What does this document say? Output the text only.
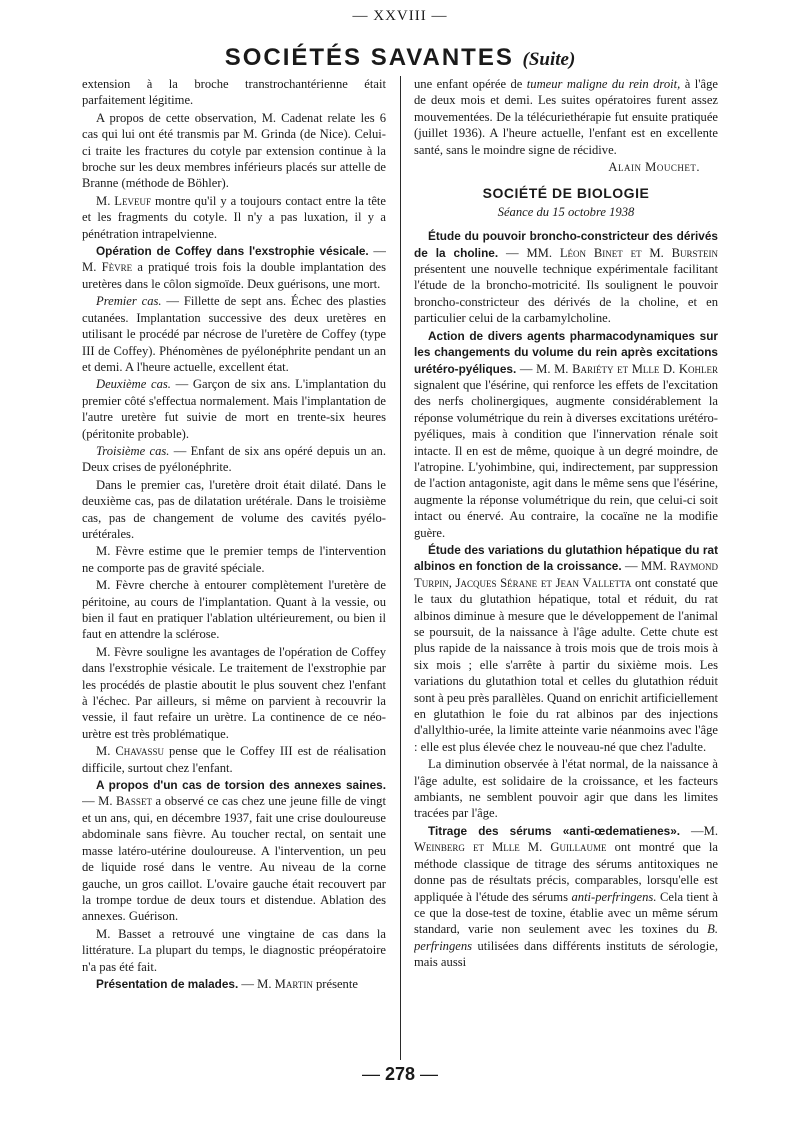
— XXVIII —
SOCIÉTÉS SAVANTES (Suite)

extension à la broche transtrochantérienne était parfaitement légitime.

A propos de cette observation, M. Cadenat relate les 6 cas qui lui ont été transmis par M. Grinda (de Nice). Celui-ci traite les fractures du cotyle par extension continue à la broche sur les deux membres inférieurs placés sur attelle de Branne (méthode de Böhler).

M. Leveuf montre qu'il y a toujours contact entre la tête et les fragments du cotyle. Il n'y a pas luxation, il y a pénétration intrapelvienne.

Opération de Coffey dans l'exstrophie vésicale. — M. Fèvre a pratiqué trois fois la double implantation des uretères dans le côlon sigmoïde. Deux guérisons, une mort.

Premier cas. — Fillette de sept ans. Échec des plasties cutanées. Implantation successive des deux uretères en utilisant le procédé par nécrose de l'uretère de Coffey (type III de Coffey). Phénomènes de pyélonéphrite pendant un an et demi. A l'heure actuelle, excellent état.

Deuxième cas. — Garçon de six ans. L'implantation du premier côté s'effectua normalement. Mais l'implantation de l'autre uretère fut suivie de mort en trente-six heures (péritonite probable).

Troisième cas. — Enfant de six ans opéré depuis un an. Deux crises de pyélonéphrite.

Dans le premier cas, l'uretère droit était dilaté. Dans le deuxième cas, pas de dilatation urétérale. Dans le troisième cas, pas de changement de volume des cavités pyélo-urétérales.

M. Fèvre estime que le premier temps de l'intervention ne comporte pas de gravité spéciale.

M. Fèvre cherche à entourer complètement l'uretère de péritoine, au cours de l'implantation. Quant à la vessie, ou bien il faut en pratiquer l'ablation ultérieurement, ou bien il faut en attendre la sclérose.

M. Fèvre souligne les avantages de l'opération de Coffey dans l'exstrophie vésicale. Le traitement de l'exstrophie par les procédés de plastie aboutit le plus souvent chez l'enfant à l'échec. Par ailleurs, si même on parvient à recouvrir la vessie, il faut refaire un urètre. La continence de ce néo-urètre est très problématique.

M. Chavassu pense que le Coffey III est de réalisation difficile, surtout chez l'enfant.

A propos d'un cas de torsion des annexes saines. — M. Basset a observé ce cas chez une jeune fille de vingt et un ans, qui, en décembre 1937, fait une crise douloureuse abdominale sans fièvre. Au toucher rectal, on sentait une masse latéro-utérine douloureuse. A l'intervention, un peu de liquide rosé dans le ventre. Au niveau de la corne gauche, un gros caillot. L'ovaire gauche était recouvert par la trompe tordue de deux tours et distendue. Ablation des annexes. Guérison.

M. Basset a retrouvé une vingtaine de cas dans la littérature. La plupart du temps, le diagnostic préopératoire n'a pas été fait.

Présentation de malades. — M. Martin présente

une enfant opérée de tumeur maligne du rein droit, à l'âge de deux mois et demi. Les suites opératoires furent assez mouvementées. De la télécuriethérapie fut ensuite pratiquée (juillet 1936). A l'heure actuelle, l'enfant est en excellente santé, sans le moindre signe de récidive.

Alain Mouchet.

SOCIÉTÉ DE BIOLOGIE
Séance du 15 octobre 1938

Étude du pouvoir broncho-constricteur des dérivés de la choline. — MM. Léon Binet et M. Burstein présentent une nouvelle technique expérimentale facilitant l'étude de la broncho-motricité. Ils soulignent le pouvoir broncho-constricteur des dérivés de la choline, et en particulier celui de la carbamylcholine.

Action de divers agents pharmacodynamiques sur les changements du volume du rein après excitations urétéro-pyéliques. — M. M. Bariéty et Mlle D. Kohler signalent que l'ésérine, qui renforce les effets de l'excitation des nerfs cholinergiques, augmente considérablement la réponse volumétrique du rein à diverses excitations urétéro-pyéliques, mais à condition que l'innervation rénale soit intacte. Il en est de même, quoique à un degré moindre, de l'atropine. L'yohimbine, qui, indirectement, par suppression de l'action antagoniste, agit dans le même sens que l'ésérine, augmente la réponse volumétrique du rein, que celui-ci soit intact ou énervé. Au contraire, la cocaïne ne la modifie guère.

Étude des variations du glutathion hépatique du rat albinos en fonction de la croissance. — MM. Raymond Turpin, Jacques Sérane et Jean Valletta ont constaté que le taux du glutathion hépatique, total et réduit, du rat albinos diminue à mesure que le développement de l'animal se poursuit, de la naissance à l'âge adulte. Cette chute est plus rapide de la naissance à trois mois que de trois mois à six mois ; elle s'arrête à partir du sixième mois. Les variations du glutathion total et celles du glutathion réduit sont à peu près parallèles. Quand on enrichit artificiellement en glutathion le foie du rat albinos par des injections d'allylthio-urée, la limite atteinte varie néanmoins avec l'âge : elle est plus élevée chez le nouveau-né que chez l'adulte.

La diminution observée à l'état normal, de la naissance à l'âge adulte, est solidaire de la croissance, et les facteurs ambiants, ne semblent pouvoir agir que dans les limites tracées par l'âge.

Titrage des sérums «anti-œdematienes». —M. Weinberg et Mlle M. Guillaume ont montré que la méthode classique de titrage des sérums antitoxiques ne donne pas de résultats précis, comparables, lorsqu'elle est appliquée à l'étude des sérums anti-perfringens. Cela tient à ce que la dose-test de toxine, établie avec un même sérum standard, varie non seulement avec les toxines du B. perfringens utilisées dans différents instituts de sérologie, mais aussi

— 278 —
